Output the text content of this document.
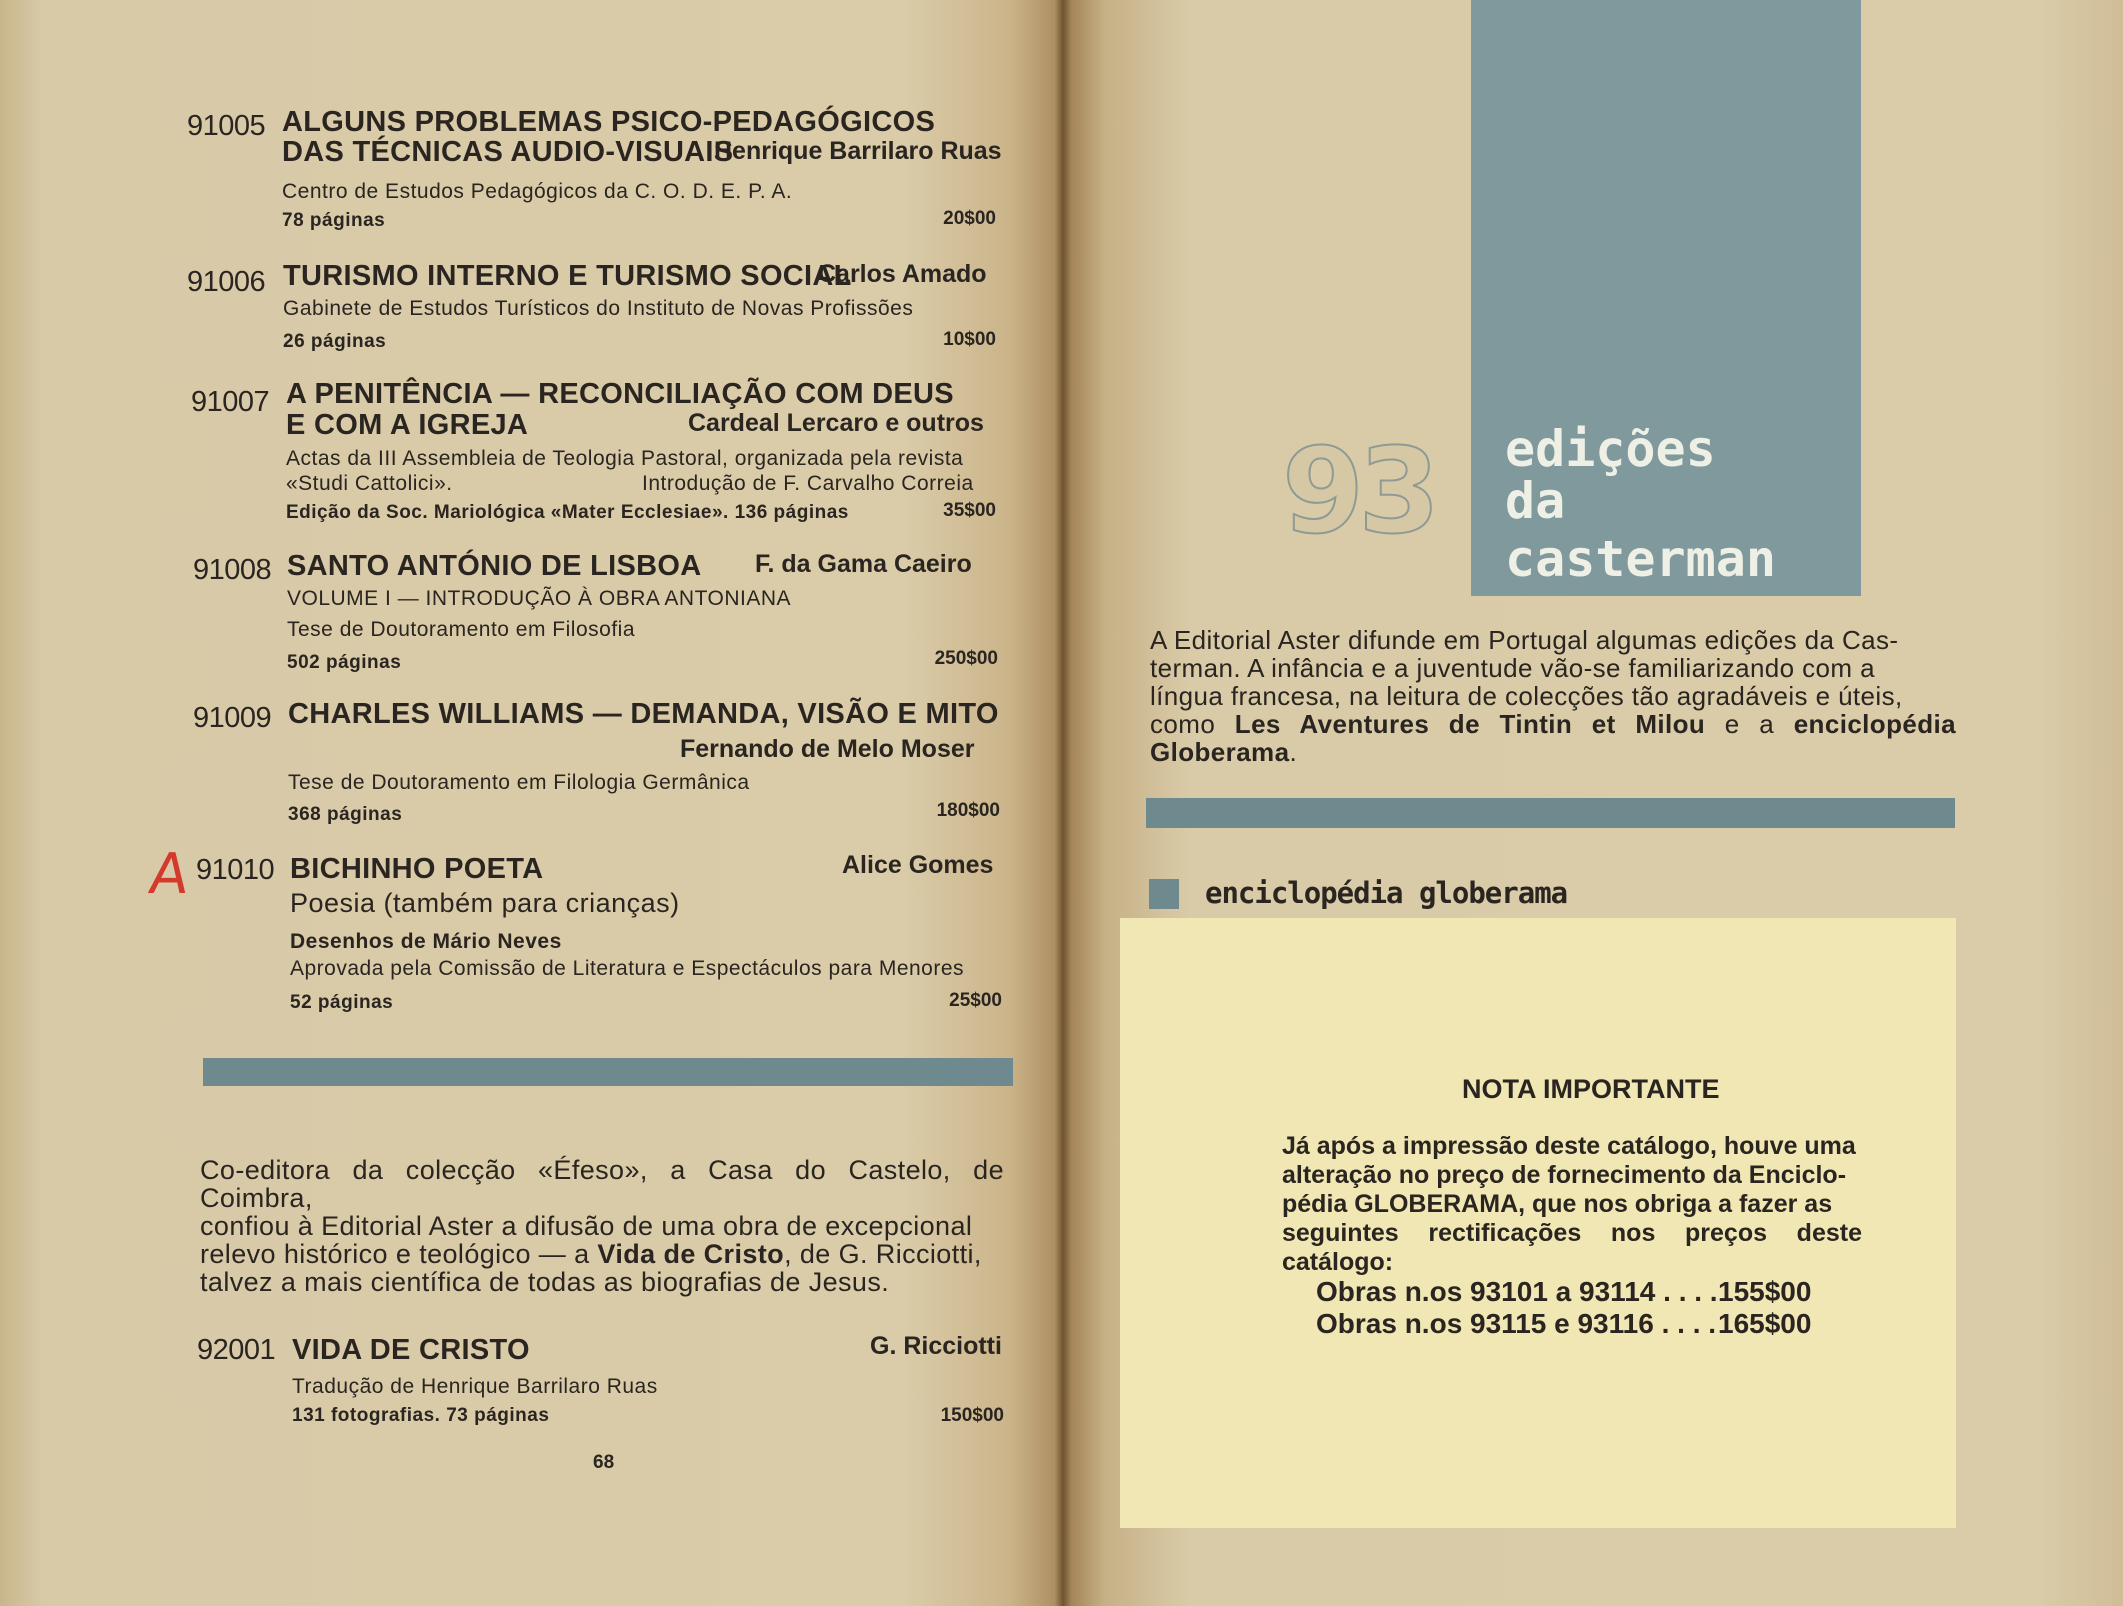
91005 ALGUNS PROBLEMAS PSICO-PEDAGÓGICOS
DAS TÉCNICAS AUDIO-VISUAIS
Henrique Barrilaro Ruas
Centro de Estudos Pedagógicos da C. O. D. E. P. A.
78 páginas	20$00
91006 TURISMO INTERNO E TURISMO SOCIAL
Carlos Amado
Gabinete de Estudos Turísticos do Instituto de Novas Profissões
26 páginas	10$00
91007 A PENITÊNCIA — RECONCILIAÇÃO COM DEUS
E COM A IGREJA	Cardeal Lercaro e outros
Actas da III Assembleia de Teologia Pastoral, organizada pela revista
«Studi Cattolici».	Introdução de F. Carvalho Correia
Edição da Soc. Mariológica «Mater Ecclesiae». 136 páginas	35$00
91008 SANTO ANTÓNIO DE LISBOA F. da Gama Caeiro
VOLUME I — INTRODUÇÃO À OBRA ANTONIANA
Tese de Doutoramento em Filosofia
502 páginas	250$00
91009 CHARLES WILLIAMS — DEMANDA, VISÃO E MITO
Fernando de Melo Moser
Tese de Doutoramento em Filologia Germânica
368 páginas	180$00
A 91010 BICHINHO POETA	Alice Gomes
Poesia (também para crianças)
Desenhos de Mário Neves
Aprovada pela Comissão de Literatura e Espectáculos para Menores
52 páginas	25$00
Co-editora da colecção «Éfeso», a Casa do Castelo, de Coimbra,
confiou à Editorial Aster a difusão de uma obra de excepcional
relevo histórico e teológico — a Vida de Cristo, de G. Ricciotti,
talvez a mais científica de todas as biografias de Jesus.
92001 VIDA DE CRISTO	G. Ricciotti
Tradução de Henrique Barrilaro Ruas
131 fotografias. 73 páginas	150$00
68
edições
da casterman
93
A Editorial Aster difunde em Portugal algumas edições da Cas-
terman. A infância e a juventude vão-se familiarizando com a
língua francesa, na leitura de colecções tão agradáveis e úteis,
como Les Aventures de Tintin et Milou e a enciclopédia Globerama.
enciclopédia globerama
NOTA IMPORTANTE
Já após a impressão deste catálogo, houve uma
alteração no preço de fornecimento da Enciclo-
pédia GLOBERAMA, que nos obriga a fazer as
seguintes rectificações nos preços deste catálogo:
Obras n.os 93101 a 93114 . . . . 155$00
Obras n.os 93115 e 93116 . . . . 165$00
